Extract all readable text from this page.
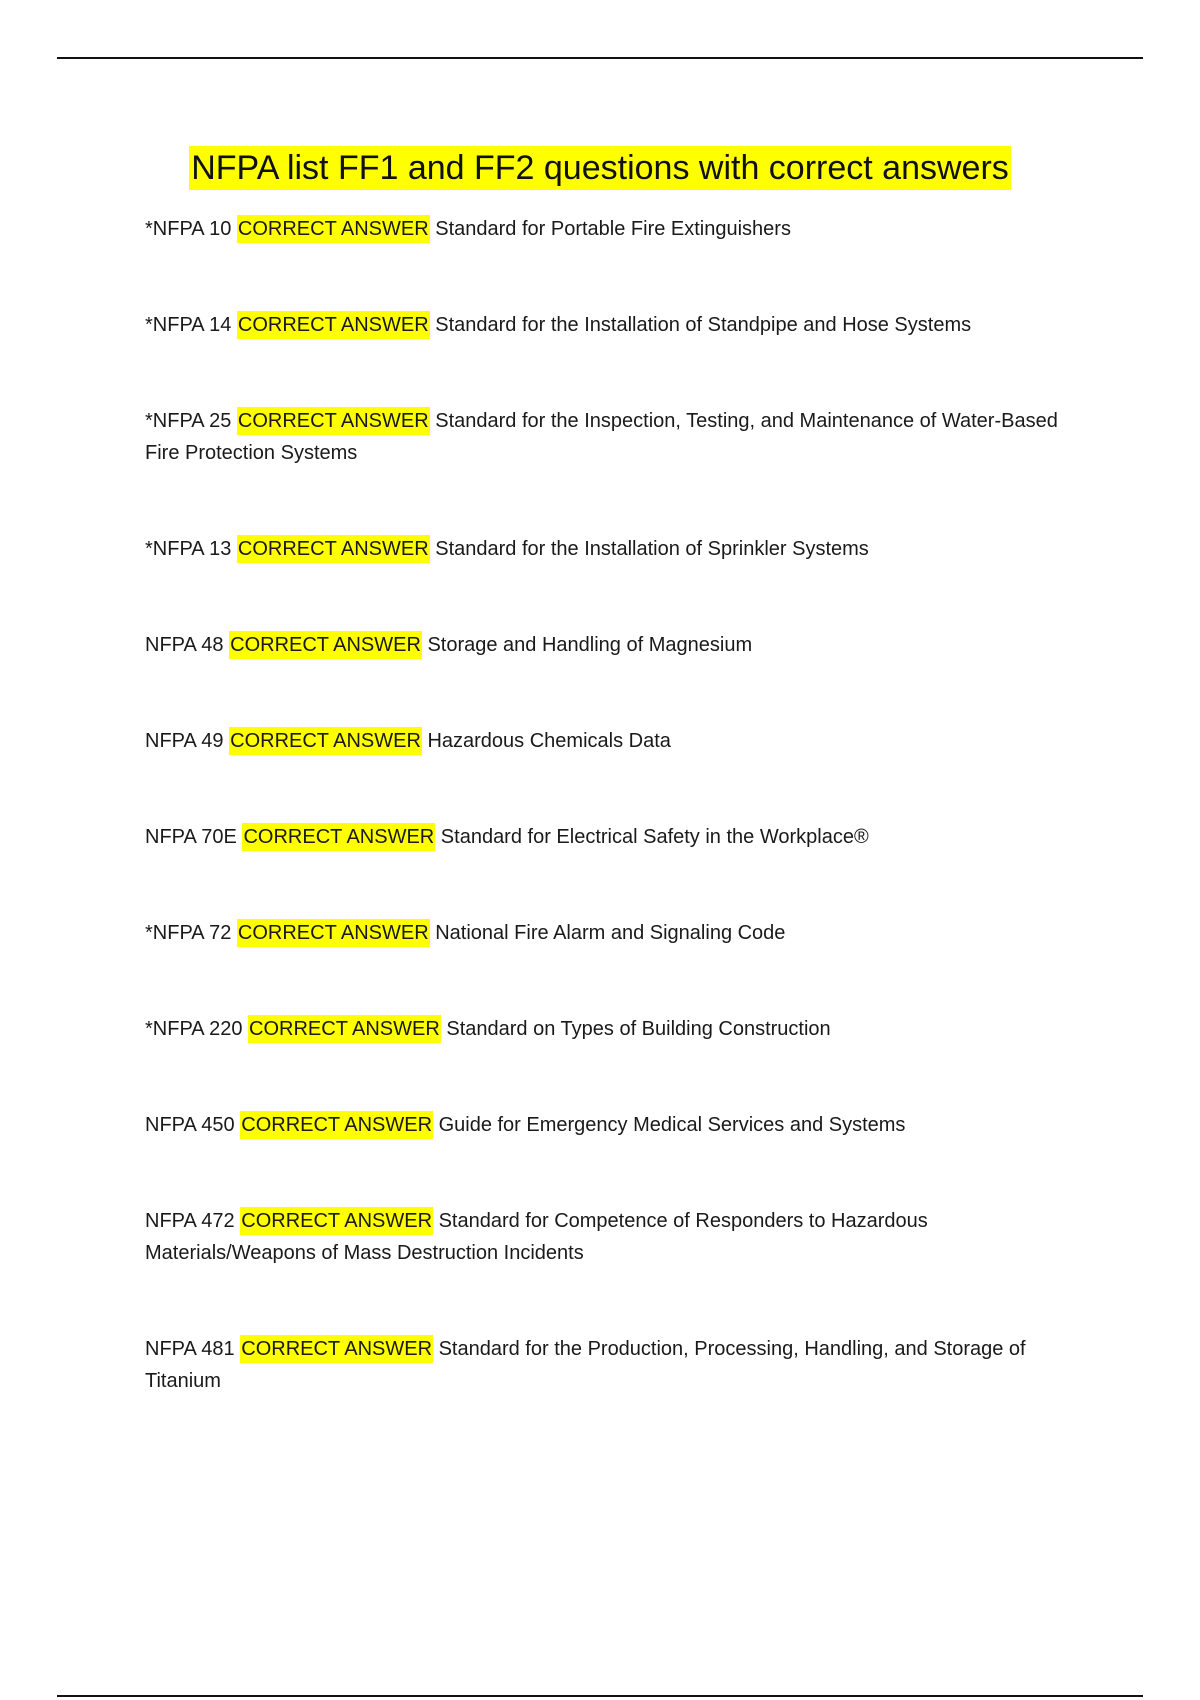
NFPA list FF1 and FF2 questions with correct answers
*NFPA 10 CORRECT ANSWER Standard for Portable Fire Extinguishers
*NFPA 14 CORRECT ANSWER Standard for the Installation of Standpipe and Hose Systems
*NFPA 25 CORRECT ANSWER Standard for the Inspection, Testing, and Maintenance of Water-Based Fire Protection Systems
*NFPA 13 CORRECT ANSWER Standard for the Installation of Sprinkler Systems
NFPA 48 CORRECT ANSWER Storage and Handling of Magnesium
NFPA 49 CORRECT ANSWER Hazardous Chemicals Data
NFPA 70E CORRECT ANSWER Standard for Electrical Safety in the Workplace®
*NFPA 72 CORRECT ANSWER National Fire Alarm and Signaling Code
*NFPA 220 CORRECT ANSWER Standard on Types of Building Construction
NFPA 450 CORRECT ANSWER Guide for Emergency Medical Services and Systems
NFPA 472 CORRECT ANSWER Standard for Competence of Responders to Hazardous Materials/Weapons of Mass Destruction Incidents
NFPA 481 CORRECT ANSWER Standard for the Production, Processing, Handling, and Storage of Titanium
